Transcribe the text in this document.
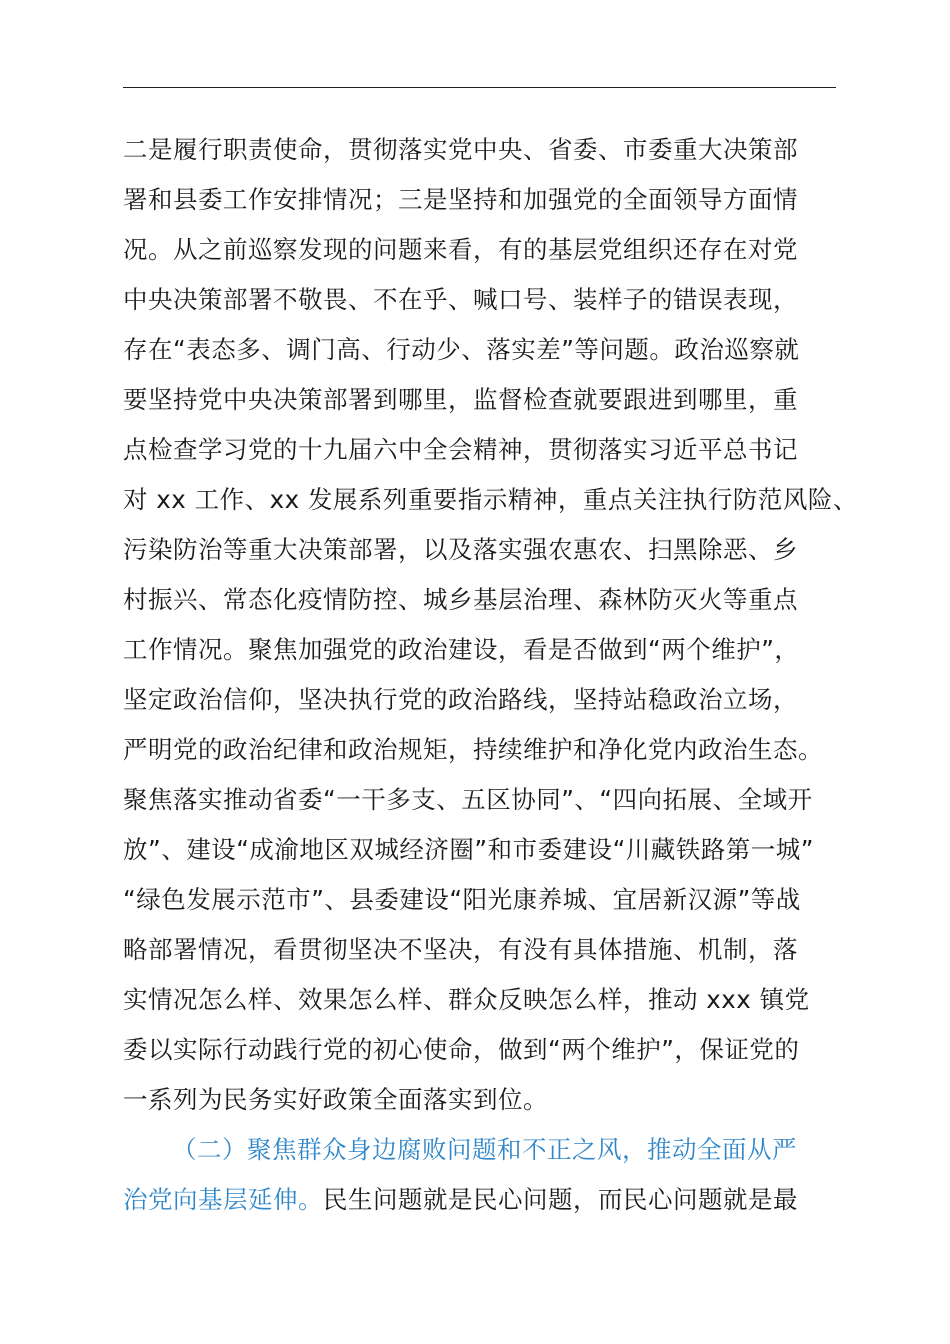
二是履行职责使命，贯彻落实党中央、省委、市委重大决策部
署和县委工作安排情况；三是坚持和加强党的全面领导方面情
况。从之前巡察发现的问题来看，有的基层党组织还存在对党
中央决策部署不敬畏、不在乎、喊口号、装样子的错误表现，
存在“表态多、调门高、行动少、落实差”等问题。政治巡察就
要坚持党中央决策部署到哪里，监督检查就要跟进到哪里，重
点检查学习党的十九届六中全会精神，贯彻落实习近平总书记
对 xx 工作、xx 发展系列重要指示精神，重点关注执行防范风险、
污染防治等重大决策部署，以及落实强农惠农、扫黑除恶、乡
村振兴、常态化疫情防控、城乡基层治理、森林防灭火等重点
工作情况。聚焦加强党的政治建设，看是否做到“两个维护”，
坚定政治信仰，坚决执行党的政治路线，坚持站稳政治立场，
严明党的政治纪律和政治规矩，持续维护和净化党内政治生态。
聚焦落实推动省委“一干多支、五区协同”、“四向拓展、全域开
放”、建设“成渝地区双城经济圈”和市委建设“川藏铁路第一城”
“绿色发展示范市”、县委建设“阳光康养城、宜居新汉源”等战
略部署情况，看贯彻坚决不坚决，有没有具体措施、机制，落
实情况怎么样、效果怎么样、群众反映怎么样，推动 xxx 镇党
委以实际行动践行党的初心使命，做到“两个维护”，保证党的
一系列为民务实好政策全面落实到位。
（二）聚焦群众身边腐败问题和不正之风，推动全面从严
治党向基层延伸。民生问题就是民心问题，而民心问题就是最
